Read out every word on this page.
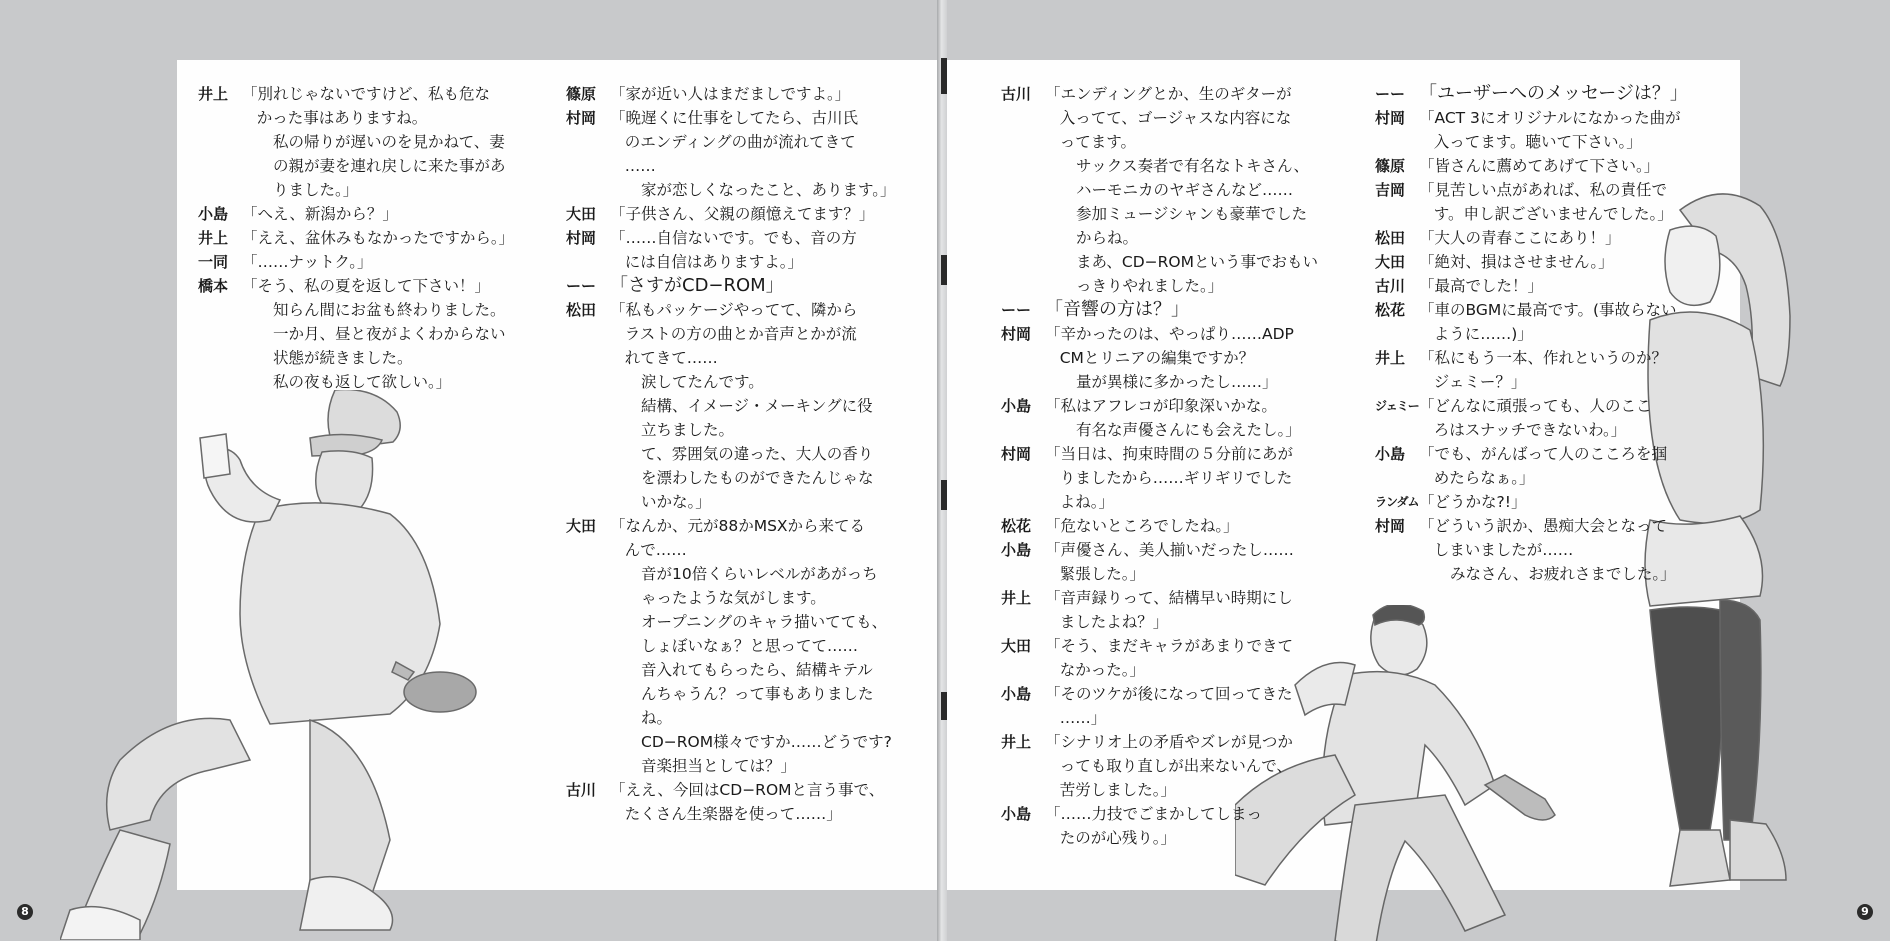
井上 「別れじゃないですけど、私も危な
かった事はありますね。
私の帰りが遅いのを見かねて、妻
の親が妻を連れ戻しに来た事があ
りました。」
小島 「へえ、新潟から？」
井上 「ええ、盆休みもなかったですから。」
一同 「……ナットク。」
橋本 「そう、私の夏を返して下さい！」
知らん間にお盆も終わりました。
一か月、昼と夜がよくわからない
状態が続きました。
私の夜も返して欲しい。」
篠原 「家が近い人はまだましですよ。」
村岡 「晩遅くに仕事をしてたら、古川氏
のエンディングの曲が流れてきて
……
家が恋しくなったこと、あります。」
大田 「子供さん、父親の顔憶えてます？」
村岡 「……自信ないです。でも、音の方
には自信はありますよ。」
ーー 「さすがCD−ROM」
松田 「私もパッケージやってて、隣から
ラストの方の曲とか音声とかが流
れてきて……
涙してたんです。
結構、イメージ・メーキングに役
立ちました。
て、雰囲気の違った、大人の香り
を漂わしたものができたんじゃな
いかな。」
大田 「なんか、元が88かMSXから来てる
んで……
音が10倍くらいレベルがあがっち
ゃったような気がします。
オープニングのキャラ描いてても、
しょぼいなぁ？と思ってて……
音入れてもらったら、結構キテル
んちゃうん？って事もありました
ね。
CD−ROM様々ですか……どうです?
音楽担当としては？」
古川 「ええ、今回はCD−ROMと言う事で、
たくさん生楽器を使って……」
古川 「エンディングとか、生のギターが
入ってて、ゴージャスな内容にな
ってます。
サックス奏者で有名なトキさん、
ハーモニカのヤギさんなど……
参加ミュージシャンも豪華でした
からね。
まあ、CD−ROMという事でおもい
っきりやれました。」
ーー 「音響の方は？」
村岡 「辛かったのは、やっぱり……ADP
CMとリニアの編集ですか？
量が異様に多かったし……」
小島 「私はアフレコが印象深いかな。
有名な声優さんにも会えたし。」
村岡 「当日は、拘束時間の５分前にあが
りましたから……ギリギリでした
よね。」
松花 「危ないところでしたね。」
小島 「声優さん、美人揃いだったし……
緊張した。」
井上 「音声録りって、結構早い時期にし
ましたよね？」
大田 「そう、まだキャラがあまりできて
なかった。」
小島 「そのツケが後になって回ってきた
……」
井上 「シナリオ上の矛盾やズレが見つか
っても取り直しが出来ないんで、
苦労しました。」
小島 「……力技でごまかしてしまっ
たのが心残り。」
ーー 「ユーザーへのメッセージは？」
村岡 「ACT 3にオリジナルになかった曲が
入ってます。聴いて下さい。」
篠原 「皆さんに薦めてあげて下さい。」
吉岡 「見苦しい点があれば、私の責任で
す。申し訳ございませんでした。」
松田 「大人の青春ここにあり！」
大田 「絶対、損はさせません。」
古川 「最高でした！」
松花 「車のBGMに最高です。(事故らない
ように……)」
井上 「私にもう一本、作れというのか？
ジェミー？」
ジェミー 「どんなに頑張っても、人のここ
ろはスナッチできないわ。」
小島 「でも、がんばって人のこころを掴
めたらなぁ。」
ランダム 「どうかな?!」
村岡 「どういう訳か、愚痴大会となって
しまいましたが……
みなさん、お疲れさまでした。」
8	9
